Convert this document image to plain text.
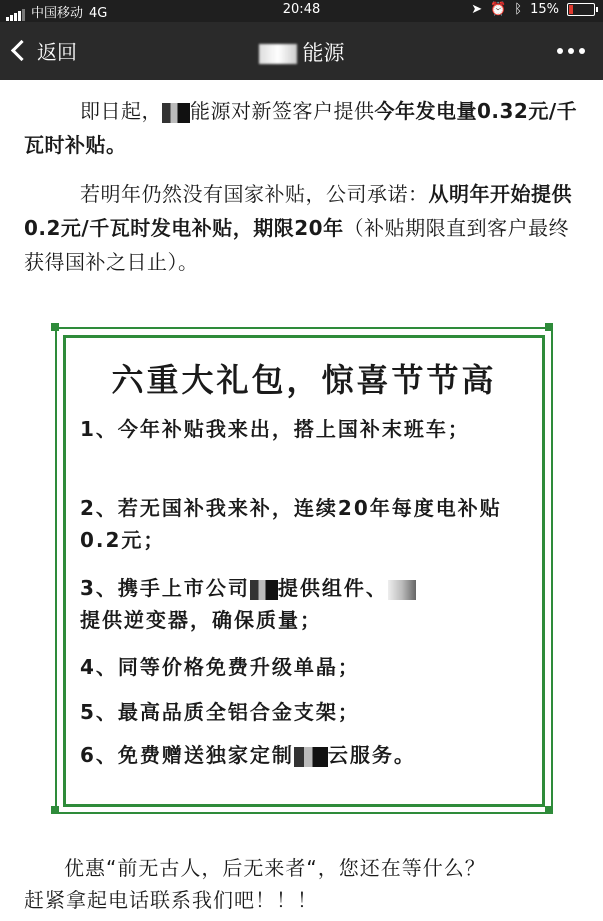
中国移动 4G	20:48	➤ ⏰ ᛒ 15%
返回	能源
即日起， 能源对新签客户提供今年发电量0.32元/千瓦时补贴。
若明年仍然没有国家补贴，公司承诺：从明年开始提供0.2元/千瓦时发电补贴，期限20年（补贴期限直到客户最终获得国补之日止）。
六重大礼包，惊喜节节高
1、今年补贴我来出，搭上国补末班车；
2、若无国补我来补，连续20年每度电补贴0.2元；
3、携手上市公司 提供组件、
提供逆变器，确保质量；
4、同等价格免费升级单晶；
5、最高品质全铝合金支架；
6、免费赠送独家定制 云服务。
优惠“前无古人，后无来者“，您还在等什么？
赶紧拿起电话联系我们吧！！！
